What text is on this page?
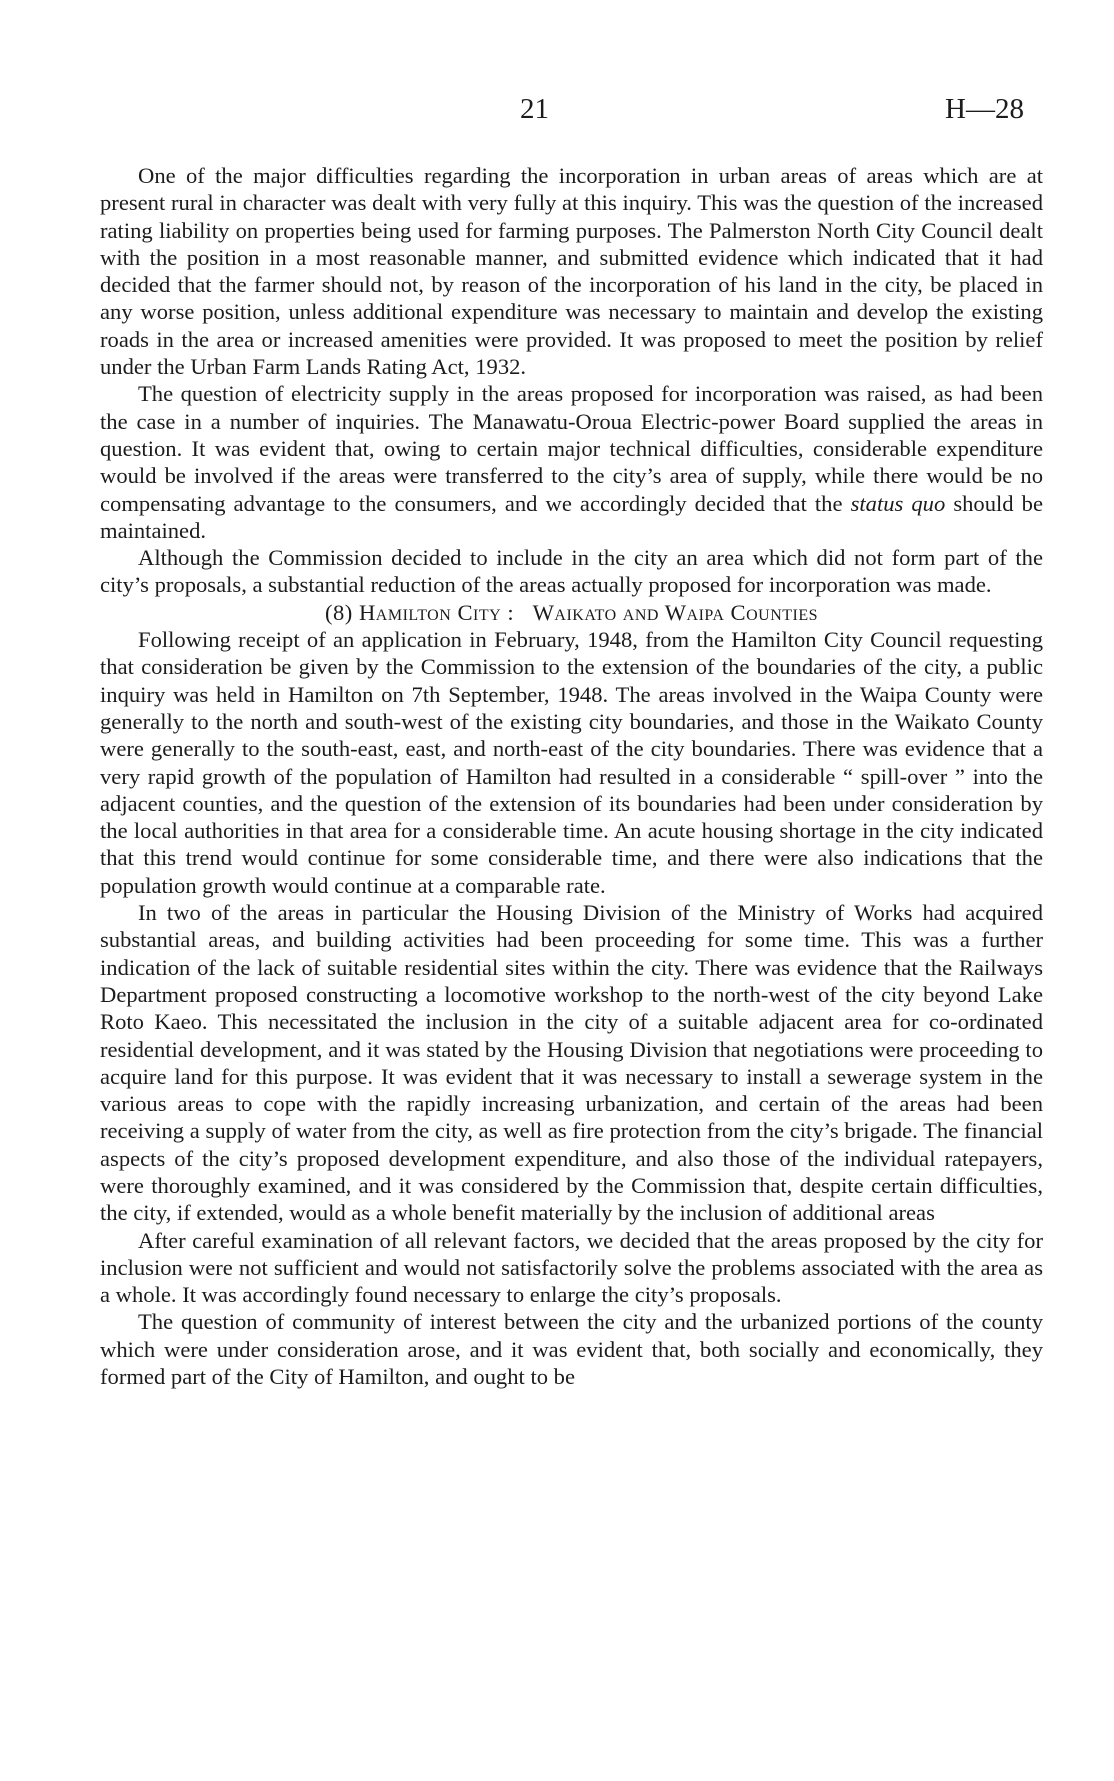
21	H—28

One of the major difficulties regarding the incorporation in urban areas of areas which are at present rural in character was dealt with very fully at this inquiry. This was the question of the increased rating liability on properties being used for farming purposes. The Palmerston North City Council dealt with the position in a most reasonable manner, and submitted evidence which indicated that it had decided that the farmer should not, by reason of the incorporation of his land in the city, be placed in any worse position, unless additional expenditure was necessary to maintain and develop the existing roads in the area or increased amenities were provided. It was proposed to meet the position by relief under the Urban Farm Lands Rating Act, 1932.

The question of electricity supply in the areas proposed for incorporation was raised, as had been the case in a number of inquiries. The Manawatu-Oroua Electric-power Board supplied the areas in question. It was evident that, owing to certain major technical difficulties, considerable expenditure would be involved if the areas were transferred to the city’s area of supply, while there would be no compensating advantage to the consumers, and we accordingly decided that the status quo should be maintained.

Although the Commission decided to include in the city an area which did not form part of the city’s proposals, a substantial reduction of the areas actually proposed for incorporation was made.

(8) Hamilton City : Waikato and Waipa Counties

Following receipt of an application in February, 1948, from the Hamilton City Council requesting that consideration be given by the Commission to the extension of the boundaries of the city, a public inquiry was held in Hamilton on 7th September, 1948. The areas involved in the Waipa County were generally to the north and south-west of the existing city boundaries, and those in the Waikato County were generally to the south-east, east, and north-east of the city boundaries. There was evidence that a very rapid growth of the population of Hamilton had resulted in a considerable “ spill-over ” into the adjacent counties, and the question of the extension of its boundaries had been under consideration by the local authorities in that area for a considerable time. An acute housing shortage in the city indicated that this trend would continue for some considerable time, and there were also indications that the population growth would continue at a comparable rate.

In two of the areas in particular the Housing Division of the Ministry of Works had acquired substantial areas, and building activities had been proceeding for some time. This was a further indication of the lack of suitable residential sites within the city. There was evidence that the Railways Department proposed constructing a locomotive workshop to the north-west of the city beyond Lake Roto Kaeo. This necessitated the inclusion in the city of a suitable adjacent area for co-ordinated residential development, and it was stated by the Housing Division that negotiations were proceeding to acquire land for this purpose. It was evident that it was necessary to install a sewerage system in the various areas to cope with the rapidly increasing urbanization, and certain of the areas had been receiving a supply of water from the city, as well as fire protection from the city’s brigade. The financial aspects of the city’s proposed development expenditure, and also those of the individual ratepayers, were thoroughly examined, and it was considered by the Commission that, despite certain difficulties, the city, if extended, would as a whole benefit materially by the inclusion of additional areas

After careful examination of all relevant factors, we decided that the areas proposed by the city for inclusion were not sufficient and would not satisfactorily solve the problems associated with the area as a whole. It was accordingly found necessary to enlarge the city’s proposals.

The question of community of interest between the city and the urbanized portions of the county which were under consideration arose, and it was evident that, both socially and economically, they formed part of the City of Hamilton, and ought to be
